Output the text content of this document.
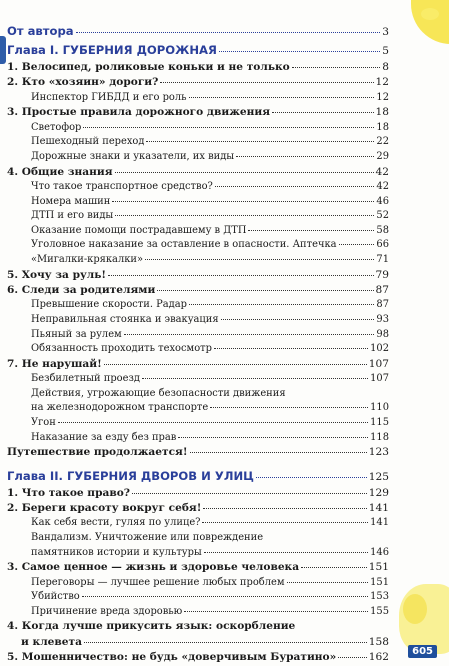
От автора	3
Глава I. ГУБЕРНИЯ ДОРОЖНАЯ	5
1. Велосипед, роликовые коньки и не только	8
2. Кто «хозяин» дороги?	12
Инспектор ГИБДД и его роль	12
3. Простые правила дорожного движения	18
Светофор	18
Пешеходный переход	22
Дорожные знаки и указатели, их виды	29
4. Общие знания	42
Что такое транспортное средство?	42
Номера машин	46
ДТП и его виды	52
Оказание помощи пострадавшему в ДТП	58
Уголовное наказание за оставление в опасности. Аптечка	66
«Мигалки-крякалки»	71
5. Хочу за руль!	79
6. Следи за родителями	87
Превышение скорости. Радар	87
Неправильная стоянка и эвакуация	93
Пьяный за рулем	98
Обязанность проходить техосмотр	102
7. Не нарушай!	107
Безбилетный проезд	107
Действия, угрожающие безопасности движения
на железнодорожном транспорте	110
Угон	115
Наказание за езду без прав	118
Путешествие продолжается!	123
Глава II. ГУБЕРНИЯ ДВОРОВ И УЛИЦ	125
1. Что такое право?	129
2. Береги красоту вокруг себя!	141
Как себя вести, гуляя по улице?	141
Вандализм. Уничтожение или повреждение
памятников истории и культуры	146
3. Самое ценное — жизнь и здоровье человека	151
Переговоры — лучшее решение любых проблем	151
Убийство	153
Причинение вреда здоровью	155
4. Когда лучше прикусить язык: оскорбление
и клевета	158
5. Мошенничество: не будь «доверчивым Буратино»	162	605
